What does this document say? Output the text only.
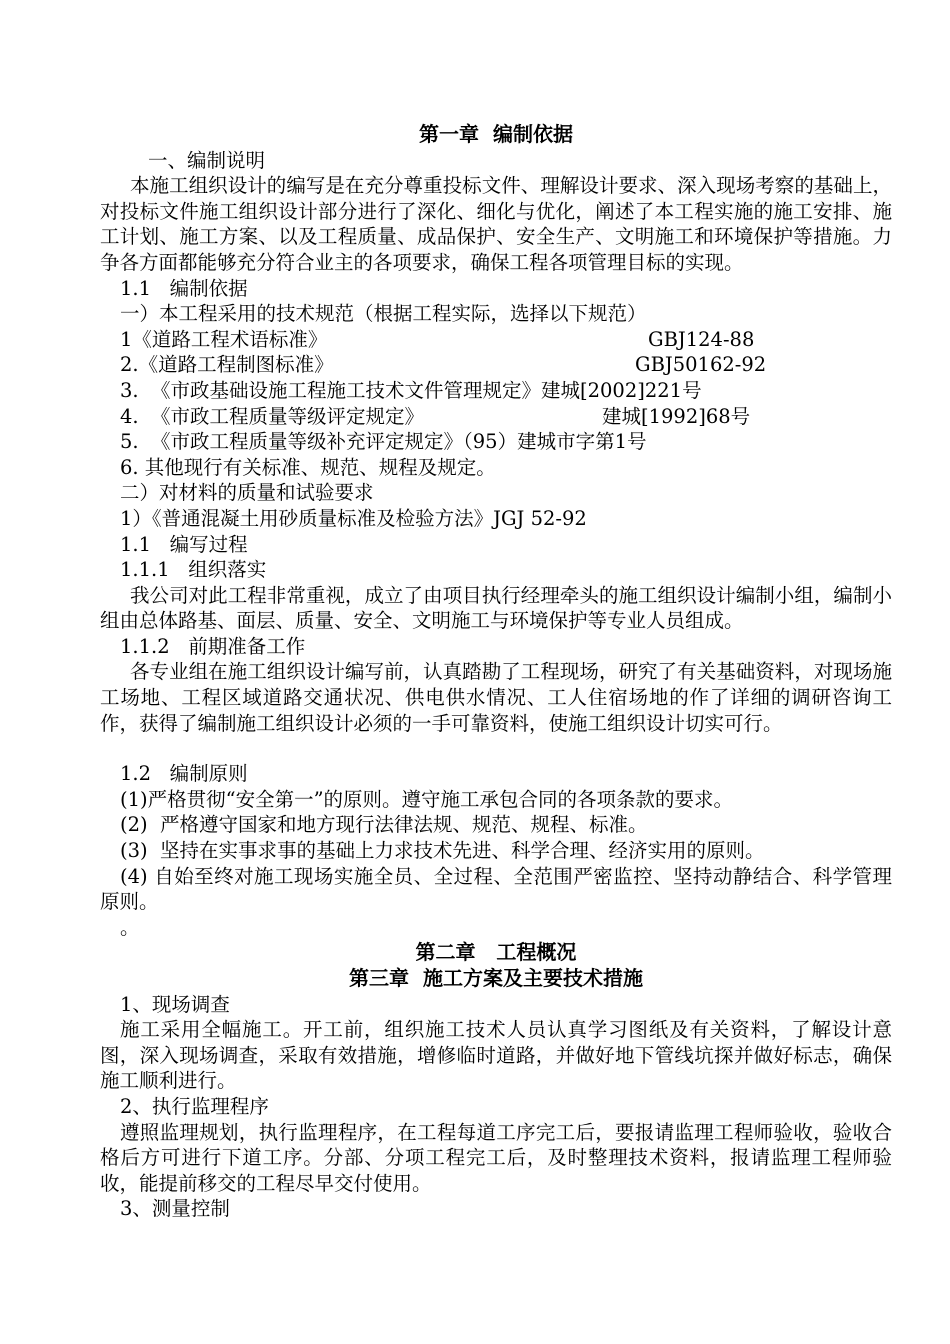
第一章  编制依据
一、编制说明
本施工组织设计的编写是在充分尊重投标文件、理解设计要求、深入现场考察的基础上，对投标文件施工组织设计部分进行了深化、细化与优化，阐述了本工程实施的施工安排、施工计划、施工方案、以及工程质量、成品保护、安全生产、文明施工和环境保护等措施。力争各方面都能够充分符合业主的各项要求，确保工程各项管理目标的实现。
1.1   编制依据
一）本工程采用的技术规范（根据工程实际，选择以下规范）
1《道路工程术语标准》	GBJ124-88
2.《道路工程制图标准》	GBJ50162-92
3.  《市政基础设施工程施工技术文件管理规定》建城[2002]221号
4.  《市政工程质量等级评定规定》	建城[1992]68号
5.  《市政工程质量等级补充评定规定》（95）建城市字第1号
6. 其他现行有关标准、规范、规程及规定。
二）对材料的质量和试验要求
1）《普通混凝土用砂质量标准及检验方法》JGJ 52-92
1.1   编写过程
1.1.1   组织落实
我公司对此工程非常重视，成立了由项目执行经理牵头的施工组织设计编制小组，编制小组由总体路基、面层、质量、安全、文明施工与环境保护等专业人员组成。
1.1.2   前期准备工作
各专业组在施工组织设计编写前，认真踏勘了工程现场，研究了有关基础资料，对现场施工场地、工程区域道路交通状况、供电供水情况、工人住宿场地的作了详细的调研咨询工作，获得了编制施工组织设计必须的一手可靠资料，使施工组织设计切实可行。
1.2   编制原则
(1)严格贯彻“安全第一”的原则。遵守施工承包合同的各项条款的要求。
(2)  严格遵守国家和地方现行法律法规、规范、规程、标准。
(3)  坚持在实事求事的基础上力求技术先进、科学合理、经济实用的原则。
(4) 自始至终对施工现场实施全员、全过程、全范围严密监控、坚持动静结合、科学管理原则。
。
第二章   工程概况
第三章  施工方案及主要技术措施
1、现场调查
施工采用全幅施工。开工前，组织施工技术人员认真学习图纸及有关资料，了解设计意图，深入现场调查，采取有效措施，增修临时道路，并做好地下管线坑探并做好标志，确保施工顺利进行。
2、执行监理程序
遵照监理规划，执行监理程序，在工程每道工序完工后，要报请监理工程师验收，验收合格后方可进行下道工序。分部、分项工程完工后，及时整理技术资料，报请监理工程师验收，能提前移交的工程尽早交付使用。
3、测量控制
